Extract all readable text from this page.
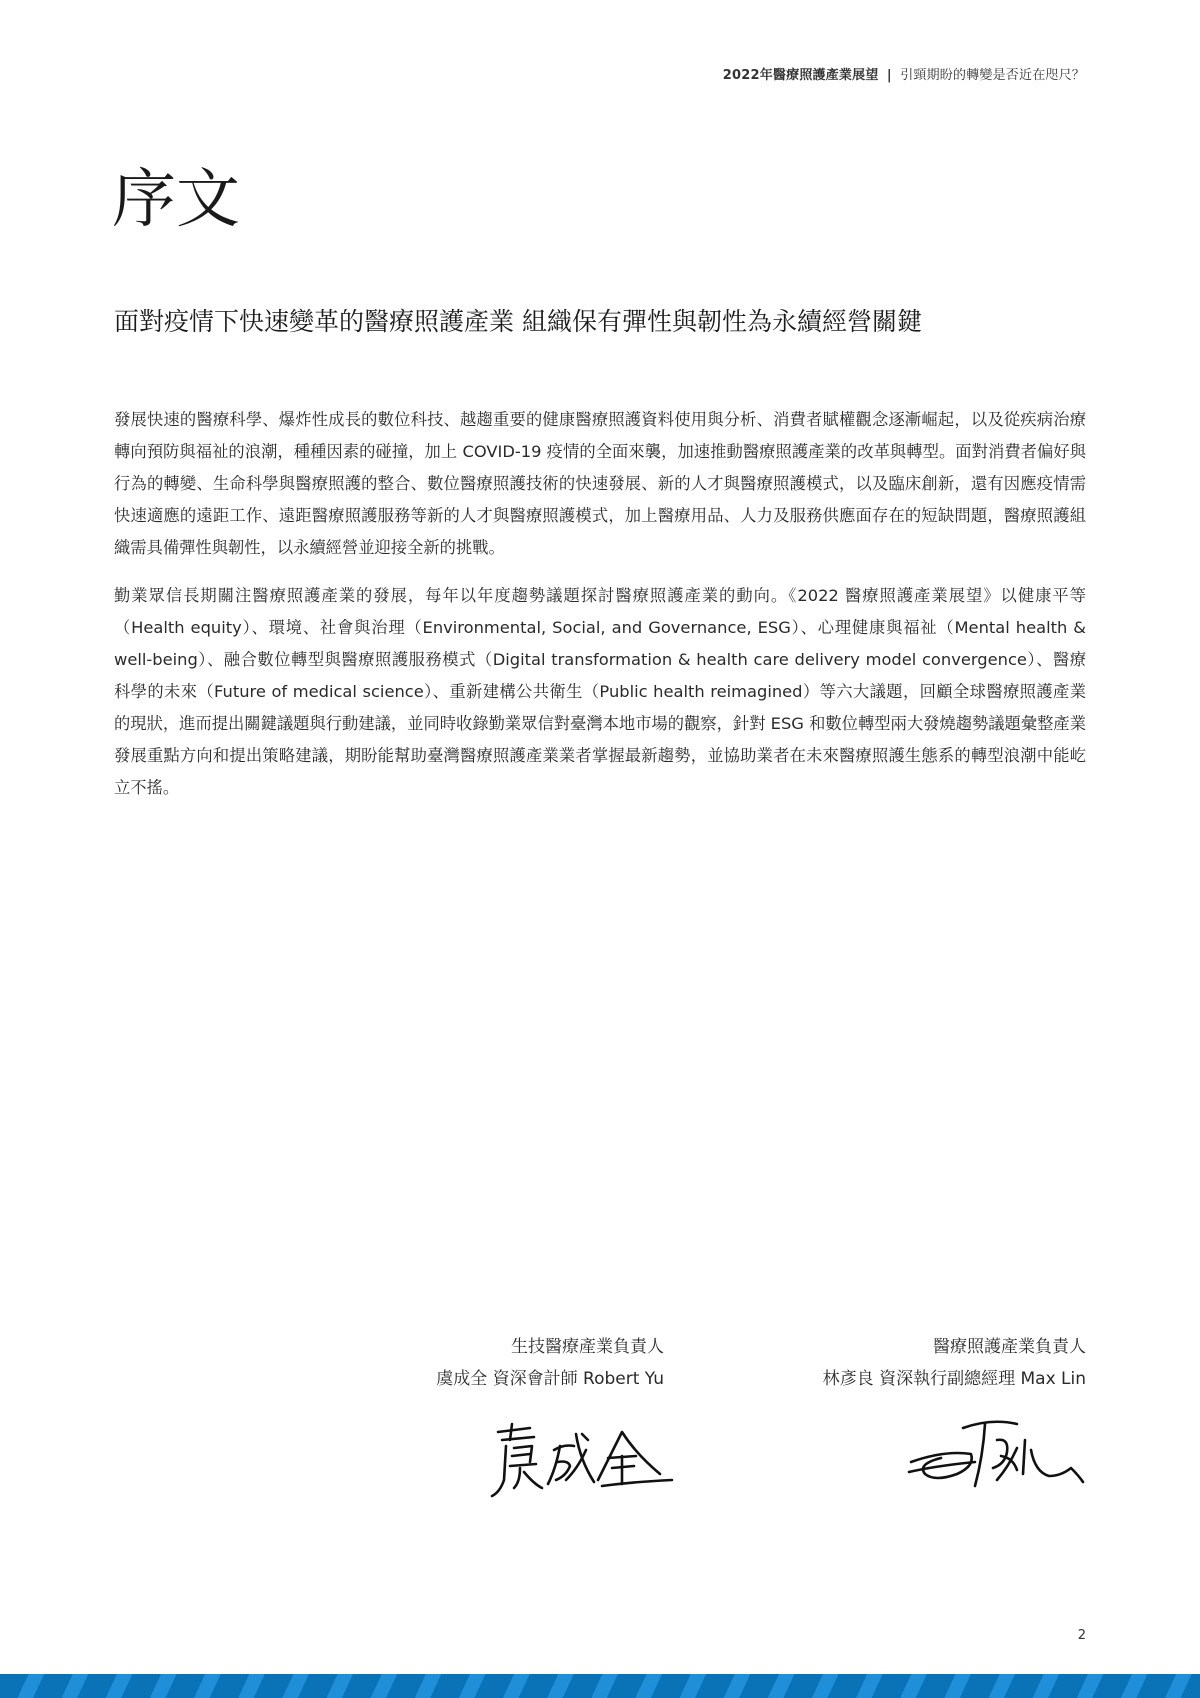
2022年醫療照護產業展望 | 引頸期盼的轉變是否近在咫尺？
序文
面對疫情下快速變革的醫療照護產業 組織保有彈性與韌性為永續經營關鍵

發展快速的醫療科學、爆炸性成長的數位科技、越趨重要的健康醫療照護資料使用與分析、消費者賦權觀念逐漸崛起，以及從疾病治療轉向預防與福祉的浪潮，種種因素的碰撞，加上 COVID-19 疫情的全面來襲，加速推動醫療照護產業的改革與轉型。面對消費者偏好與行為的轉變、生命科學與醫療照護的整合、數位醫療照護技術的快速發展、新的人才與醫療照護模式，以及臨床創新，還有因應疫情需快速適應的遠距工作、遠距醫療照護服務等新的人才與醫療照護模式，加上醫療用品、人力及服務供應面存在的短缺問題，醫療照護組織需具備彈性與韌性，以永續經營並迎接全新的挑戰。

勤業眾信長期關注醫療照護產業的發展，每年以年度趨勢議題探討醫療照護產業的動向。《2022 醫療照護產業展望》以健康平等（Health equity）、環境、社會與治理（Environmental, Social, and Governance, ESG）、心理健康與福祉（Mental health & well-being）、融合數位轉型與醫療照護服務模式（Digital transformation & health care delivery model convergence）、醫療科學的未來（Future of medical science）、重新建構公共衛生（Public health reimagined）等六大議題，回顧全球醫療照護產業的現狀，進而提出關鍵議題與行動建議，並同時收錄勤業眾信對臺灣本地市場的觀察，針對 ESG 和數位轉型兩大發燒趨勢議題彙整產業發展重點方向和提出策略建議，期盼能幫助臺灣醫療照護產業業者掌握最新趨勢，並協助業者在未來醫療照護生態系的轉型浪潮中能屹立不搖。

生技醫療產業負責人
虞成全 資深會計師 Robert Yu
醫療照護產業負責人
林彥良 資深執行副總經理 Max Lin
2
